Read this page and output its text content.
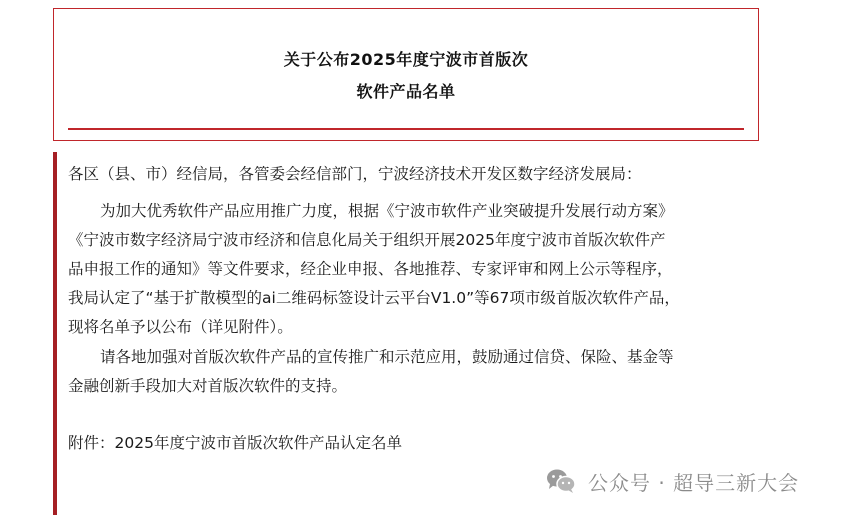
关于公布2025年度宁波市首版次
软件产品名单
各区（县、市）经信局，各管委会经信部门，宁波经济技术开发区数字经济发展局：
为加大优秀软件产品应用推广力度，根据《宁波市软件产业突破提升发展行动方案》
《宁波市数字经济局宁波市经济和信息化局关于组织开展2025年度宁波市首版次软件产
品申报工作的通知》等文件要求，经企业申报、各地推荐、专家评审和网上公示等程序，
我局认定了“基于扩散模型的ai二维码标签设计云平台V1.0”等67项市级首版次软件产品，
现将名单予以公布（详见附件）。
请各地加强对首版次软件产品的宣传推广和示范应用，鼓励通过信贷、保险、基金等
金融创新手段加大对首版次软件的支持。
附件：2025年度宁波市首版次软件产品认定名单
公众号 · 超导三新大会
